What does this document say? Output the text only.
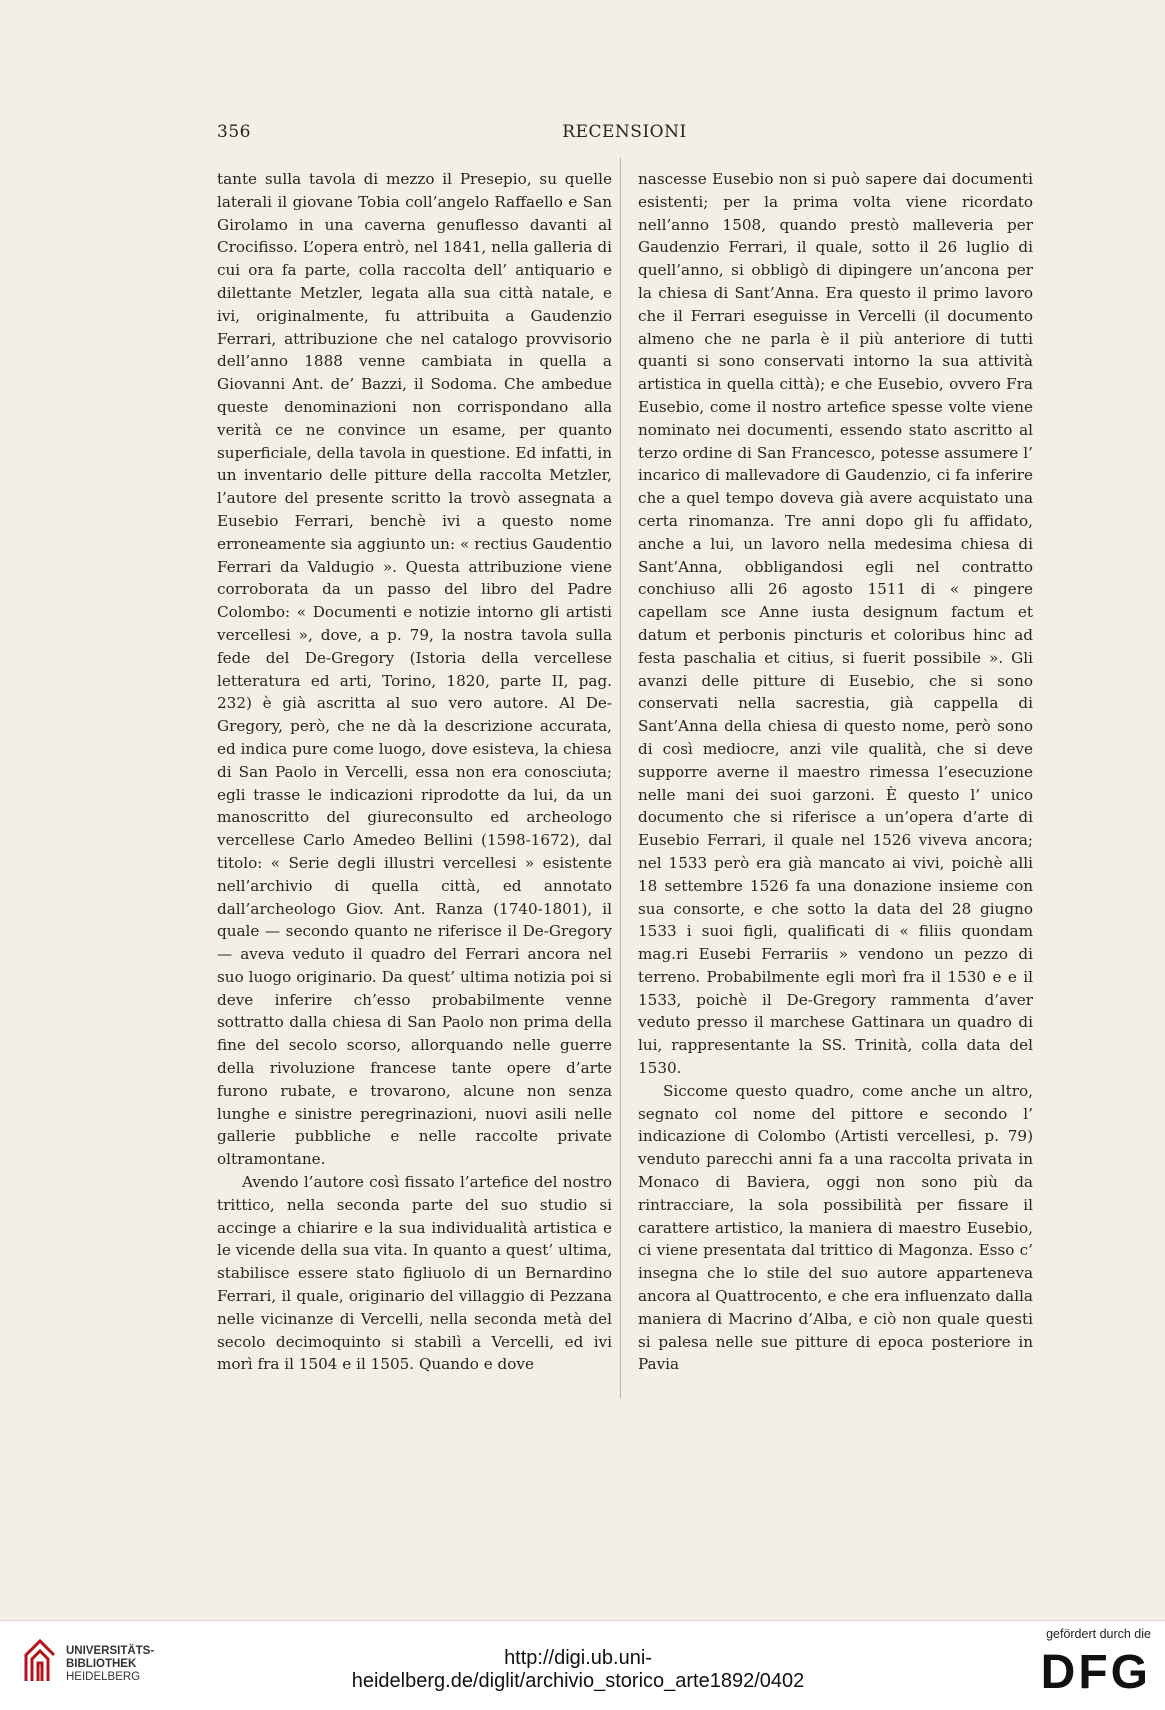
356	RECENSIONI

tante sulla tavola di mezzo il Presepio, su quelle laterali il giovane Tobia coll’angelo Raffaello e San Girolamo in una caverna genuflesso davanti al Crocifisso. L’opera entrò, nel 1841, nella galleria di cui ora fa parte, colla raccolta dell’ antiquario e dilettante Metzler, legata alla sua città natale, e ivi, originalmente, fu attribuita a Gaudenzio Ferrari, attribuzione che nel catalogo provvisorio dell’anno 1888 venne cambiata in quella a Giovanni Ant. de’ Bazzi, il Sodoma. Che ambedue queste denominazioni non corrispondano alla verità ce ne convince un esame, per quanto superficiale, della tavola in questione. Ed infatti, in un inventario delle pitture della raccolta Metzler, l’autore del presente scritto la trovò assegnata a Eusebio Ferrari, benchè ivi a questo nome erroneamente sia aggiunto un: « rectius Gaudentio Ferrari da Valdugio ». Questa attribuzione viene corroborata da un passo del libro del Padre Colombo: « Documenti e notizie intorno gli artisti vercellesi », dove, a p. 79, la nostra tavola sulla fede del De-Gregory (Istoria della vercellese letteratura ed arti, Torino, 1820, parte II, pag. 232) è già ascritta al suo vero autore. Al De-Gregory, però, che ne dà la descrizione accurata, ed indica pure come luogo, dove esisteva, la chiesa di San Paolo in Vercelli, essa non era conosciuta; egli trasse le indicazioni riprodotte da lui, da un manoscritto del giureconsulto ed archeologo vercellese Carlo Amedeo Bellini (1598-1672), dal titolo: « Serie degli illustri vercellesi » esistente nell’archivio di quella città, ed annotato dall’archeologo Giov. Ant. Ranza (1740-1801), il quale — secondo quanto ne riferisce il De-Gregory — aveva veduto il quadro del Ferrari ancora nel suo luogo originario. Da quest’ ultima notizia poi si deve inferire ch’esso probabilmente venne sottratto dalla chiesa di San Paolo non prima della fine del secolo scorso, allorquando nelle guerre della rivoluzione francese tante opere d’arte furono rubate, e trovarono, alcune non senza lunghe e sinistre peregrinazioni, nuovi asili nelle gallerie pubbliche e nelle raccolte private oltramontane.

Avendo l’autore così fissato l’artefice del nostro trittico, nella seconda parte del suo studio si accinge a chiarire e la sua individualità artistica e le vicende della sua vita. In quanto a quest’ ultima, stabilisce essere stato figliuolo di un Bernardino Ferrari, il quale, originario del villaggio di Pezzana nelle vicinanze di Vercelli, nella seconda metà del secolo decimoquinto si stabilì a Vercelli, ed ivi morì fra il 1504 e il 1505. Quando e dove

nascesse Eusebio non si può sapere dai documenti esistenti; per la prima volta viene ricordato nell’anno 1508, quando prestò malleveria per Gaudenzio Ferrari, il quale, sotto il 26 luglio di quell’anno, si obbligò di dipingere un’ancona per la chiesa di Sant’Anna. Era questo il primo lavoro che il Ferrari eseguisse in Vercelli (il documento almeno che ne parla è il più anteriore di tutti quanti si sono conservati intorno la sua attività artistica in quella città); e che Eusebio, ovvero Fra Eusebio, come il nostro artefice spesse volte viene nominato nei documenti, essendo stato ascritto al terzo ordine di San Francesco, potesse assumere l’ incarico di mallevadore di Gaudenzio, ci fa inferire che a quel tempo doveva già avere acquistato una certa rinomanza. Tre anni dopo gli fu affidato, anche a lui, un lavoro nella medesima chiesa di Sant’Anna, obbligandosi egli nel contratto conchiuso alli 26 agosto 1511 di « pingere capellam sce Anne iusta designum factum et datum et perbonis pincturis et coloribus hinc ad festa paschalia et citius, si fuerit possibile ». Gli avanzi delle pitture di Eusebio, che si sono conservati nella sacrestia, già cappella di Sant’Anna della chiesa di questo nome, però sono di così mediocre, anzi vile qualità, che si deve supporre averne il maestro rimessa l’esecuzione nelle mani dei suoi garzoni. È questo l’ unico documento che si riferisce a un’opera d’arte di Eusebio Ferrari, il quale nel 1526 viveva ancora; nel 1533 però era già mancato ai vivi, poichè alli 18 settembre 1526 fa una donazione insieme con sua consorte, e che sotto la data del 28 giugno 1533 i suoi figli, qualificati di « filiis quondam mag.ri Eusebi Ferrariis » vendono un pezzo di terreno. Probabilmente egli morì fra il 1530 e e il 1533, poichè il De-Gregory rammenta d’aver veduto presso il marchese Gattinara un quadro di lui, rappresentante la SS. Trinità, colla data del 1530.

Siccome questo quadro, come anche un altro, segnato col nome del pittore e secondo l’ indicazione di Colombo (Artisti vercellesi, p. 79) venduto parecchi anni fa a una raccolta privata in Monaco di Baviera, oggi non sono più da rintracciare, la sola possibilità per fissare il carattere artistico, la maniera di maestro Eusebio, ci viene presentata dal trittico di Magonza. Esso c’ insegna che lo stile del suo autore apparteneva ancora al Quattrocento, e che era influenzato dalla maniera di Macrino d’Alba, e ciò non quale questi si palesa nelle sue pitture di epoca posteriore in Pavia

UNIVERSITÄTS-
BIBLIOTHEK
HEIDELBERG
http://digi.ub.uni-heidelberg.de/diglit/archivio_storico_arte1892/0402
gefördert durch die
DFG
